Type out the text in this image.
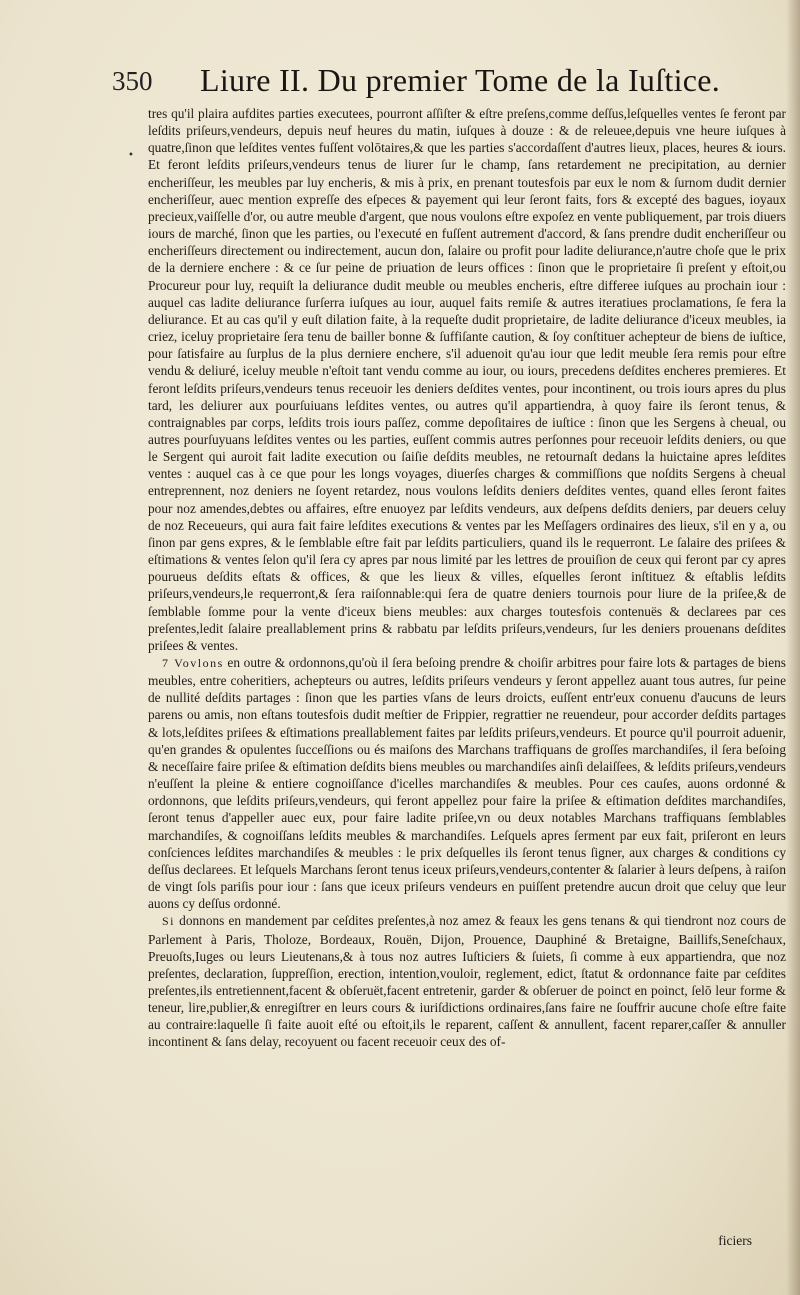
350 Liure II. Du premier Tome de la Iuſtice.
•

tres qu'il plaira aufdites parties executees, pourront aſſiſter & eſtre preſens,comme deſſus,leſquelles ventes ſe feront par leſdits priſeurs,vendeurs, depuis neuf heures du matin, iuſques à douze : & de releuee,depuis vne heure iuſques à quatre,ſinon que leſdites ventes fuſſent volōtaires,& que les parties s'accordaſſent d'autres lieux, places, heures & iours. Et feront leſdits priſeurs,vendeurs tenus de liurer ſur le champ, ſans retardement ne precipitation, au dernier encheriſſeur, les meubles par luy encheris, & mis à prix, en prenant toutesfois par eux le nom & ſurnom dudit dernier encheriſſeur, auec mention expreſſe des eſpeces & payement qui leur ſeront faits, fors & excepté des bagues, ioyaux precieux,vaiſſelle d'or, ou autre meuble d'argent, que nous voulons eſtre expoſez en vente publiquement, par trois diuers iours de marché, ſinon que les parties, ou l'executé en fuſſent autrement d'accord, & ſans prendre dudit encheriſſeur ou encheriſſeurs directement ou indirectement, aucun don, ſalaire ou profit pour ladite deliurance,n'autre choſe que le prix de la derniere enchere : & ce ſur peine de priuation de leurs offices : ſinon que le proprietaire ſi preſent y eſtoit,ou Procureur pour luy, requiſt la deliurance dudit meuble ou meubles encheris, eſtre differee iuſques au prochain iour : auquel cas ladite deliurance ſurſerra iuſques au iour, auquel faits remiſe & autres iteratiues proclamations, ſe fera la deliurance. Et au cas qu'il y euſt dilation faite, à la requeſte dudit proprietaire, de ladite deliurance d'iceux meubles, ia criez, iceluy proprietaire ſera tenu de bailler bonne & ſuffiſante caution, & ſoy conſtituer achepteur de biens de iuſtice, pour ſatisfaire au ſurplus de la plus derniere enchere, s'il aduenoit qu'au iour que ledit meuble ſera remis pour eſtre vendu & deliuré, iceluy meuble n'eſtoit tant vendu comme au iour, ou iours, precedens deſdites encheres premieres. Et feront leſdits priſeurs,vendeurs tenus receuoir les deniers deſdites ventes, pour incontinent, ou trois iours apres du plus tard, les deliurer aux pourſuiuans leſdites ventes, ou autres qu'il appartiendra, à quoy faire ils ſeront tenus, & contraignables par corps, leſdits trois iours paſſez, comme depoſitaires de iuſtice : ſinon que les Sergens à cheual, ou autres pourſuyuans leſdites ventes ou les parties, euſſent commis autres perſonnes pour receuoir leſdits deniers, ou que le Sergent qui auroit fait ladite execution ou ſaiſie deſdits meubles, ne retournaſt dedans la huictaine apres leſdites ventes : auquel cas à ce que pour les longs voyages, diuerſes charges & commiſſions que noſdits Sergens à cheual entreprennent, noz deniers ne ſoyent retardez, nous voulons leſdits deniers deſdites ventes, quand elles ſeront faites pour noz amendes,debtes ou affaires, eſtre enuoyez par leſdits vendeurs, aux deſpens deſdits deniers, par deuers celuy de noz Receueurs, qui aura fait faire leſdites executions & ventes par les Meſſagers ordinaires des lieux, s'il en y a, ou ſinon par gens expres, & le ſemblable eſtre fait par leſdits particuliers, quand ils le requerront. Le ſalaire des priſees & eſtimations & ventes ſelon qu'il ſera cy apres par nous limité par les lettres de prouiſion de ceux qui feront par cy apres pourueus deſdits eſtats & offices, & que les lieux & villes, eſquelles ſeront inſtituez & eſtablis leſdits priſeurs,vendeurs,le requerront,& ſera raiſonnable:qui ſera de quatre deniers tournois pour liure de la priſee,& de ſemblable ſomme pour la vente d'iceux biens meubles: aux charges toutesfois contenuës & declarees par ces preſentes,ledit ſalaire preallablement prins & rabbatu par leſdits priſeurs,vendeurs, ſur les deniers prouenans deſdites priſees & ventes.

7 Vovlons en outre & ordonnons,qu'où il ſera beſoing prendre & choiſir arbitres pour faire lots & partages de biens meubles, entre coheritiers, achepteurs ou autres, leſdits priſeurs vendeurs y ſeront appellez auant tous autres, ſur peine de nullité deſdits partages : ſinon que les parties vſans de leurs droicts, euſſent entr'eux conuenu d'aucuns de leurs parens ou amis, non eſtans toutesfois dudit meſtier de Frippier, regrattier ne reuendeur, pour accorder deſdits partages & lots,leſdites priſees & eſtimations preallablement faites par leſdits priſeurs,vendeurs. Et pource qu'il pourroit aduenir, qu'en grandes & opulentes ſucceſſions ou és maiſons des Marchans traffiquans de groſſes marchandiſes, il ſera beſoing & neceſſaire faire priſee & eſtimation deſdits biens meubles ou marchandiſes ainſi delaiſſees, & leſdits priſeurs,vendeurs n'euſſent la pleine & entiere cognoiſſance d'icelles marchandiſes & meubles. Pour ces cauſes, auons ordonné & ordonnons, que leſdits priſeurs,vendeurs, qui feront appellez pour faire la priſee & eſtimation deſdites marchandiſes, ſeront tenus d'appeller auec eux, pour faire ladite priſee,vn ou deux notables Marchans traffiquans ſemblables marchandiſes, & cognoiſſans leſdits meubles & marchandiſes. Leſquels apres ſerment par eux fait, priſeront en leurs conſciences leſdites marchandiſes & meubles : le prix deſquelles ils ſeront tenus ſigner, aux charges & conditions cy deſſus declarees. Et leſquels Marchans ſeront tenus iceux priſeurs,vendeurs,contenter & ſalarier à leurs deſpens, à raiſon de vingt ſols pariſis pour iour : ſans que iceux priſeurs vendeurs en puiſſent pretendre aucun droit que celuy que leur auons cy deſſus ordonné.

Si donnons en mandement par ceſdites preſentes,à noz amez & feaux les gens tenans & qui tiendront noz cours de Parlement à Paris, Tholoze, Bordeaux, Rouën, Dijon, Prouence, Dauphiné & Bretaigne, Baillifs,Seneſchaux, Preuoſts,Iuges ou leurs Lieutenans,& à tous noz autres Iuſticiers & ſuiets, ſi comme à eux appartiendra, que noz preſentes, declaration, ſuppreſſion, erection, intention,vouloir, reglement, edict, ſtatut & ordonnance faite par ceſdites preſentes,ils entretiennent,facent & obſeruët,facent entretenir, garder & obſeruer de poinct en poinct, ſelō leur forme & teneur, lire,publier,& enregiſtrer en leurs cours & iuriſdictions ordinaires,ſans faire ne ſouffrir aucune choſe eſtre faite au contraire:laquelle ſi faite auoit eſté ou eſtoit,ils le reparent, caſſent & annullent, facent reparer,caſſer & annuller incontinent & ſans delay, recoyuent ou facent receuoir ceux des of-

ficiers
